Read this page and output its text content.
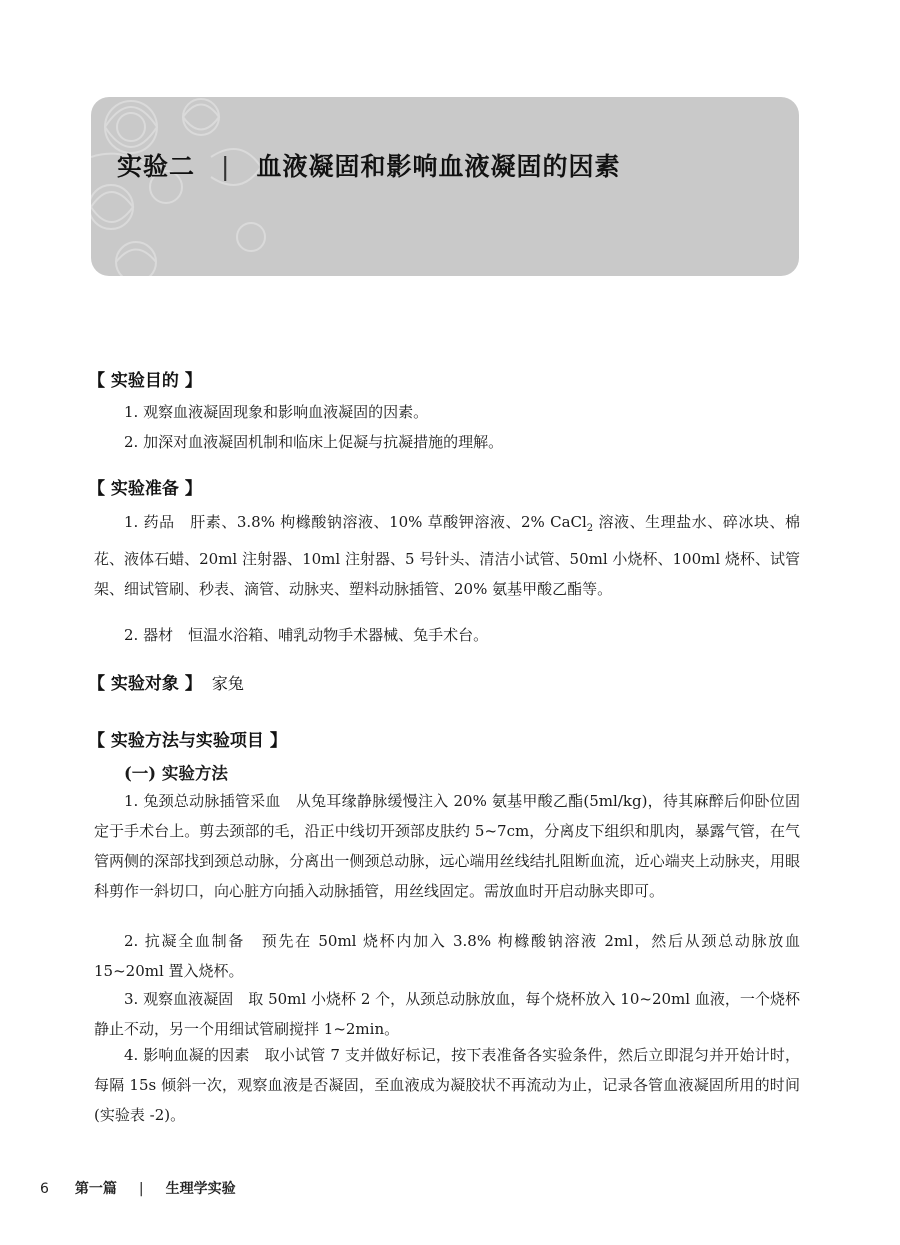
实验二 | 血液凝固和影响血液凝固的因素
【 实验目的 】

1. 观察血液凝固现象和影响血液凝固的因素。

2. 加深对血液凝固机制和临床上促凝与抗凝措施的理解。

【 实验准备 】

1. 药品　肝素、3.8% 枸橼酸钠溶液、10% 草酸钾溶液、2% CaCl$_2$ 溶液、生理盐水、碎冰块、棉花、液体石蜡、20ml 注射器、10ml 注射器、5 号针头、清洁小试管、50ml 小烧杯、100ml 烧杯、试管架、细试管刷、秒表、滴管、动脉夹、塑料动脉插管、20% 氨基甲酸乙酯等。

2. 器材　恒温水浴箱、哺乳动物手术器械、兔手术台。

【 实验对象 】 家兔
【 实验方法与实验项目 】
(一) 实验方法

1. 兔颈总动脉插管采血　从兔耳缘静脉缓慢注入 20% 氨基甲酸乙酯(5ml/kg)，待其麻醉后仰卧位固定于手术台上。剪去颈部的毛，沿正中线切开颈部皮肤约 5~7cm，分离皮下组织和肌肉，暴露气管，在气管两侧的深部找到颈总动脉，分离出一侧颈总动脉，远心端用丝线结扎阻断血流，近心端夹上动脉夹，用眼科剪作一斜切口，向心脏方向插入动脉插管，用丝线固定。需放血时开启动脉夹即可。

2. 抗凝全血制备　预先在 50ml 烧杯内加入 3.8% 枸橼酸钠溶液 2ml，然后从颈总动脉放血 15~20ml 置入烧杯。

3. 观察血液凝固　取 50ml 小烧杯 2 个，从颈总动脉放血，每个烧杯放入 10~20ml 血液，一个烧杯静止不动，另一个用细试管刷搅拌 1~2min。

4. 影响血凝的因素　取小试管 7 支并做好标记，按下表准备各实验条件，然后立即混匀并开始计时，每隔 15s 倾斜一次，观察血液是否凝固，至血液成为凝胶状不再流动为止，记录各管血液凝固所用的时间(实验表 -2)。

6 第一篇 | 生理学实验
